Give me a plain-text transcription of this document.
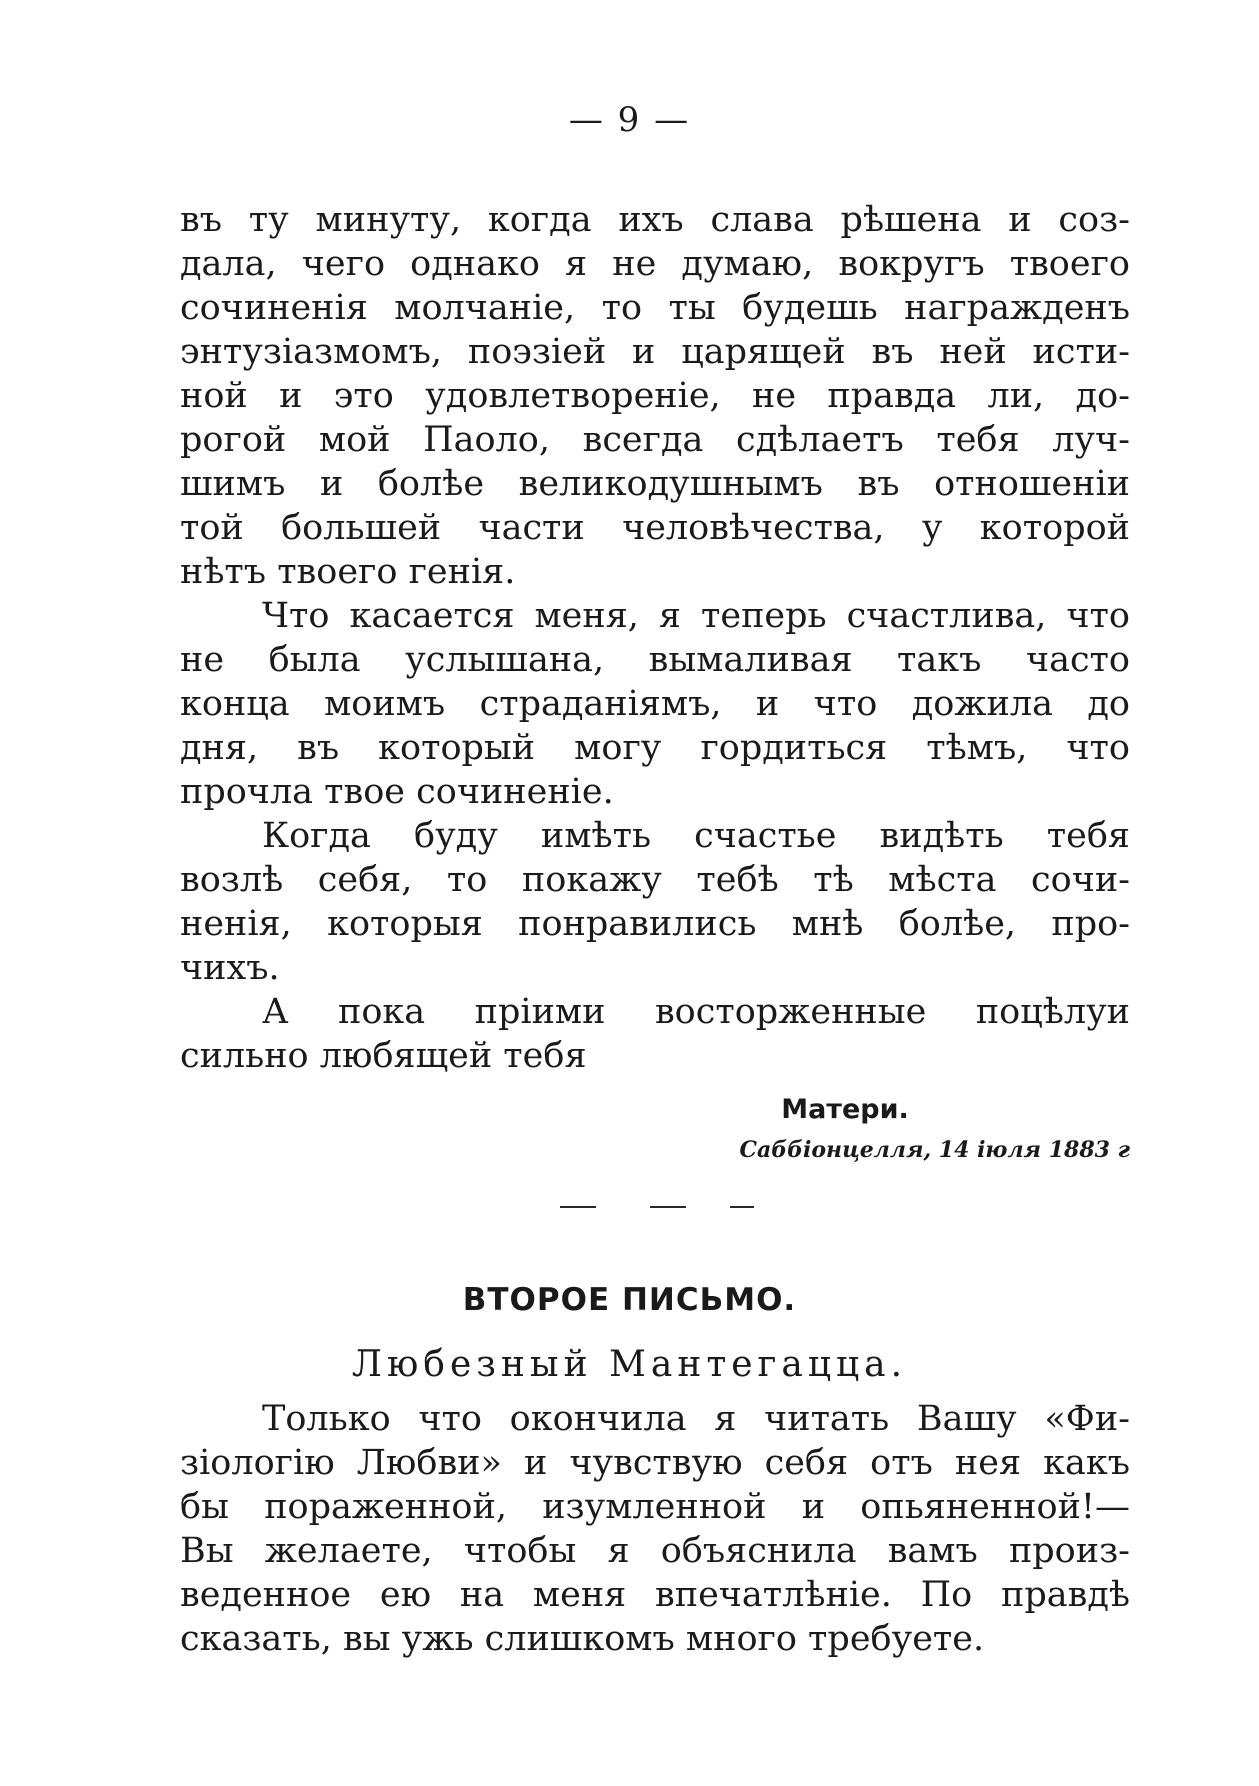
— 9 —
въ ту минуту, когда ихъ слава рѣшена и соз-
дала, чего однако я не думаю, вокругъ твоего
сочиненія молчаніе, то ты будешь награжденъ
энтузіазмомъ, поэзіей и царящей въ ней исти-
ной и это удовлетвореніе, не правда ли, до-
рогой мой Паоло, всегда сдѣлаетъ тебя луч-
шимъ и болѣе великодушнымъ въ отношеніи
той большей части человѣчества, у которой
нѣтъ твоего генія.
Что касается меня, я теперь счастлива, что
не была услышана, вымаливая такъ часто
конца моимъ страданіямъ, и что дожила до
дня, въ который могу гордиться тѣмъ, что
прочла твое сочиненіе.
Когда буду имѣть счастье видѣть тебя
возлѣ себя, то покажу тебѣ тѣ мѣста сочи-
ненія, которыя понравились мнѣ болѣе, про-
чихъ.
А пока пріими восторженные поцѣлуи
сильно любящей тебя
Матери.
Саббіонцелля, 14 іюля 1883 г
ВТОРОЕ ПИСЬМО.
Любезный Мантегацца.
Только что окончила я читать Вашу «Фи-
зіологію Любви» и чувствую себя отъ нея какъ
бы пораженной, изумленной и опьяненной!—
Вы желаете, чтобы я объяснила вамъ произ-
веденное ею на меня впечатлѣніе. По правдѣ
сказать, вы ужь слишкомъ много требуете.
